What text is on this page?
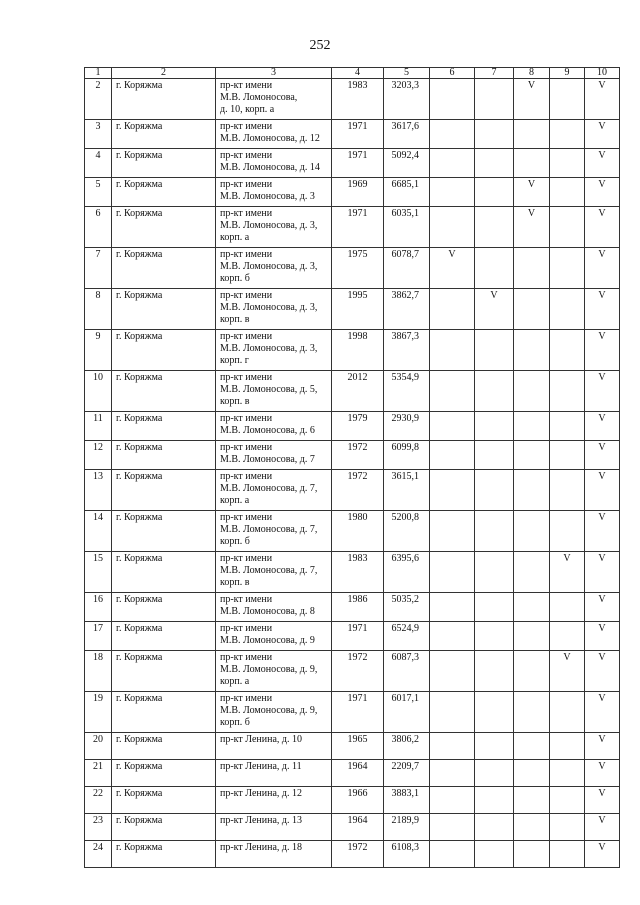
252
1	2	3	4	5	6	7	8	9	10
2	г. Коряжма	пр-кт имени
М.В. Ломоносова,
д. 10, корп. а	1983	3203,3			V		V
3	г. Коряжма	пр-кт имени
М.В. Ломоносова, д. 12	1971	3617,6					V
4	г. Коряжма	пр-кт имени
М.В. Ломоносова, д. 14	1971	5092,4					V
5	г. Коряжма	пр-кт имени
М.В. Ломоносова, д. 3	1969	6685,1			V		V
6	г. Коряжма	пр-кт имени
М.В. Ломоносова, д. 3,
корп. а	1971	6035,1			V		V
7	г. Коряжма	пр-кт имени
М.В. Ломоносова, д. 3,
корп. б	1975	6078,7	V				V
8	г. Коряжма	пр-кт имени
М.В. Ломоносова, д. 3,
корп. в	1995	3862,7		V			V
9	г. Коряжма	пр-кт имени
М.В. Ломоносова, д. 3,
корп. г	1998	3867,3					V
10	г. Коряжма	пр-кт имени
М.В. Ломоносова, д. 5,
корп. в	2012	5354,9					V
11	г. Коряжма	пр-кт имени
М.В. Ломоносова, д. 6	1979	2930,9					V
12	г. Коряжма	пр-кт имени
М.В. Ломоносова, д. 7	1972	6099,8					V
13	г. Коряжма	пр-кт имени
М.В. Ломоносова, д. 7,
корп. а	1972	3615,1					V
14	г. Коряжма	пр-кт имени
М.В. Ломоносова, д. 7,
корп. б	1980	5200,8					V
15	г. Коряжма	пр-кт имени
М.В. Ломоносова, д. 7,
корп. в	1983	6395,6				V	V
16	г. Коряжма	пр-кт имени
М.В. Ломоносова, д. 8	1986	5035,2					V
17	г. Коряжма	пр-кт имени
М.В. Ломоносова, д. 9	1971	6524,9					V
18	г. Коряжма	пр-кт имени
М.В. Ломоносова, д. 9,
корп. а	1972	6087,3				V	V
19	г. Коряжма	пр-кт имени
М.В. Ломоносова, д. 9,
корп. б	1971	6017,1					V
20	г. Коряжма	пр-кт Ленина, д. 10	1965	3806,2					V
21	г. Коряжма	пр-кт Ленина, д. 11	1964	2209,7					V
22	г. Коряжма	пр-кт Ленина, д. 12	1966	3883,1					V
23	г. Коряжма	пр-кт Ленина, д. 13	1964	2189,9					V
24	г. Коряжма	пр-кт Ленина, д. 18	1972	6108,3					V
